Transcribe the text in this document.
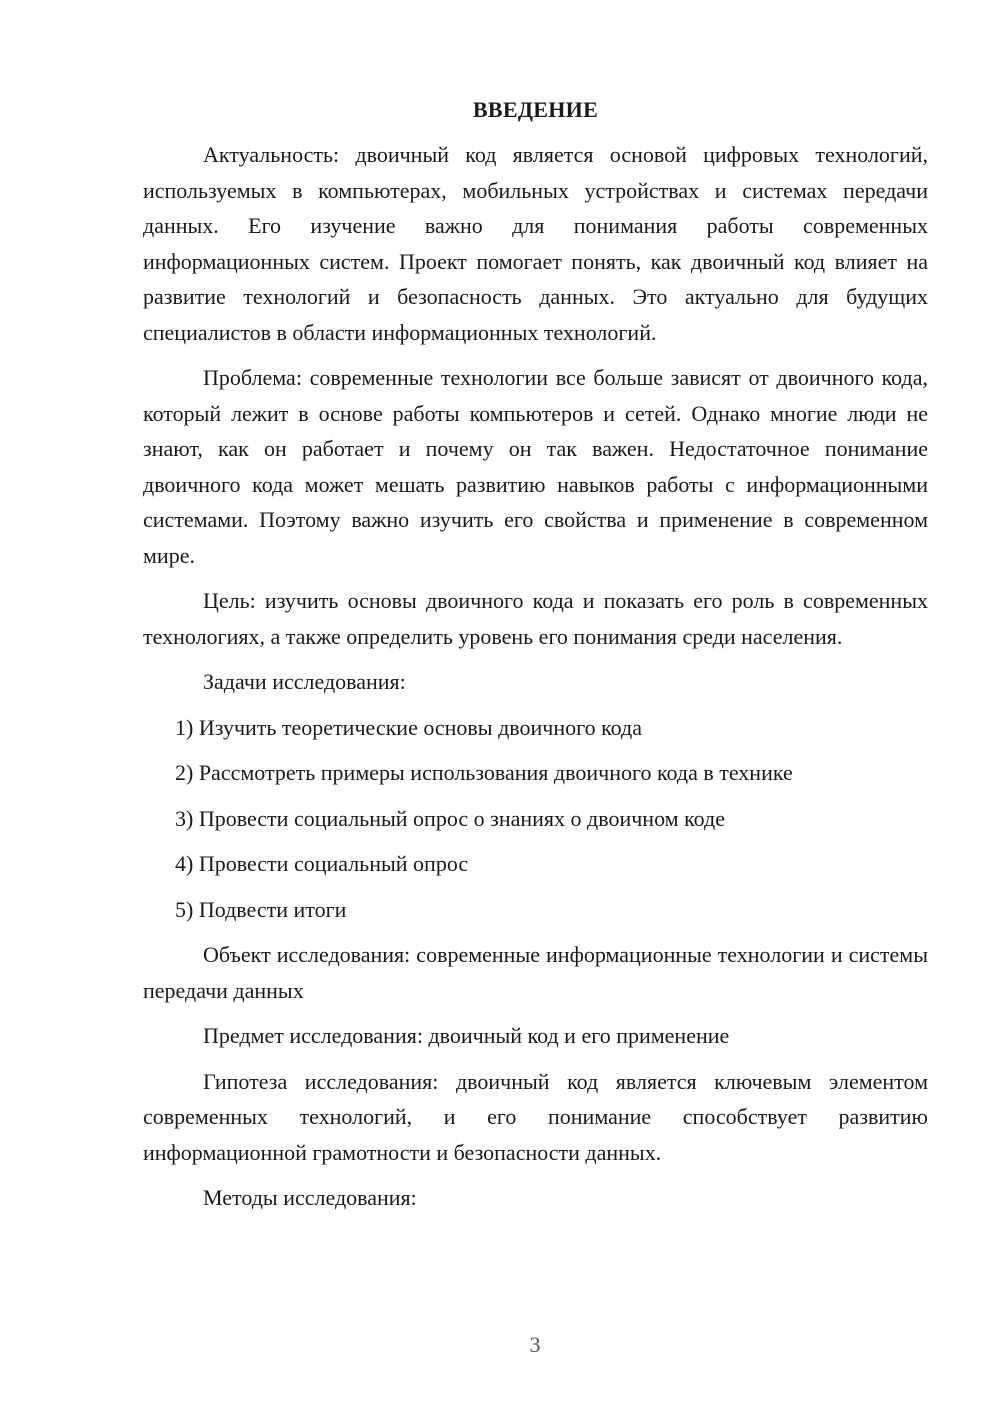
ВВЕДЕНИЕ

Актуальность: двоичный код является основой цифровых технологий, используемых в компьютерах, мобильных устройствах и системах передачи данных. Его изучение важно для понимания работы современных информационных систем. Проект помогает понять, как двоичный код влияет на развитие технологий и безопасность данных. Это актуально для будущих специалистов в области информационных технологий.

Проблема: современные технологии все больше зависят от двоичного кода, который лежит в основе работы компьютеров и сетей. Однако многие люди не знают, как он работает и почему он так важен. Недостаточное понимание двоичного кода может мешать развитию навыков работы с информационными системами. Поэтому важно изучить его свойства и применение в современном мире.

Цель: изучить основы двоичного кода и показать его роль в современных технологиях, а также определить уровень его понимания среди населения.

Задачи исследования:

1) Изучить теоретические основы двоичного кода
2) Рассмотреть примеры использования двоичного кода в технике
3) Провести социальный опрос о знаниях о двоичном коде
4) Провести социальный опрос
5) Подвести итоги

Объект исследования: современные информационные технологии и системы передачи данных

Предмет исследования: двоичный код и его применение

Гипотеза исследования: двоичный код является ключевым элементом современных технологий, и его понимание способствует развитию информационной грамотности и безопасности данных.

Методы исследования:

3
